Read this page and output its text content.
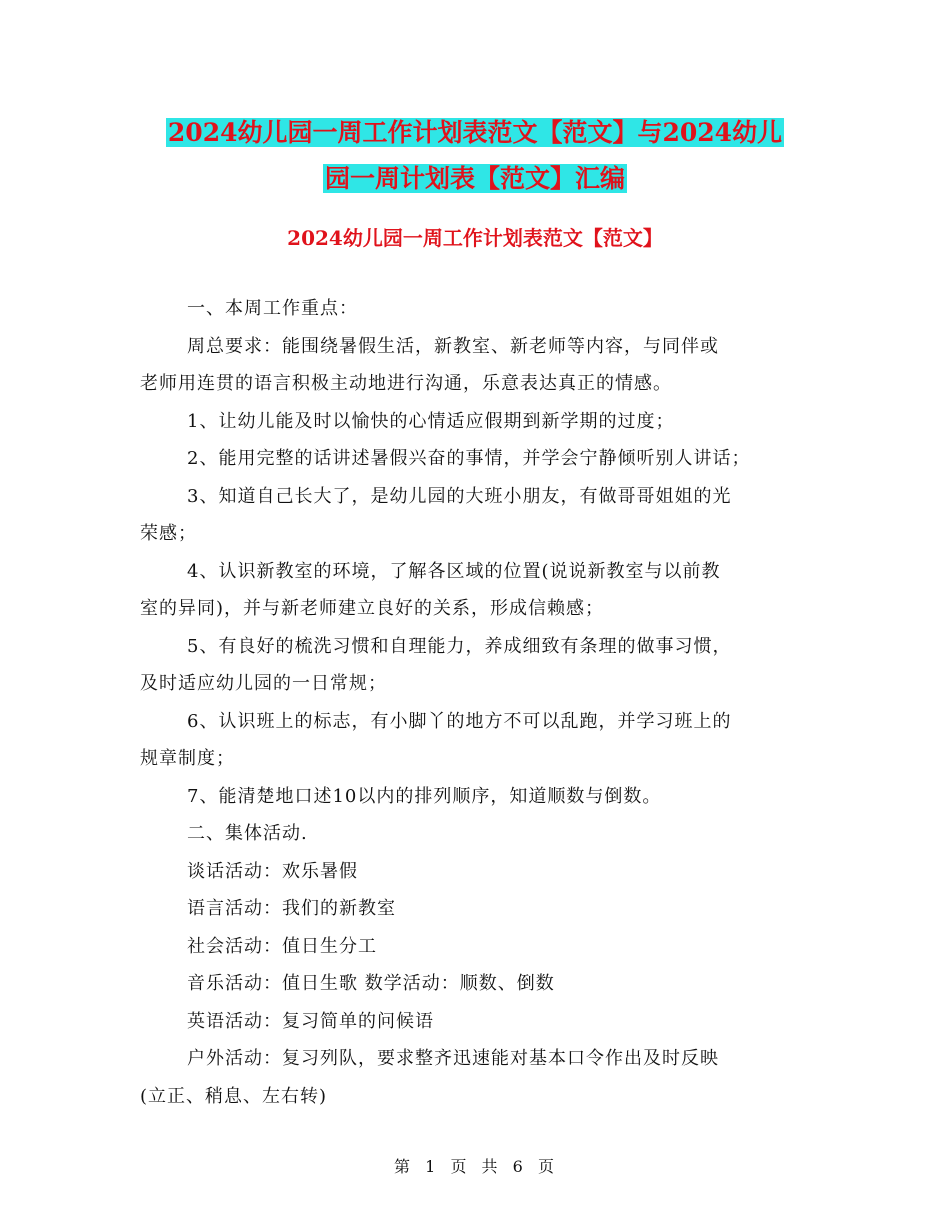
2024幼儿园一周工作计划表范文【范文】与2024幼儿
园一周计划表【范文】汇编
2024幼儿园一周工作计划表范文【范文】
一、本周工作重点：
周总要求：能围绕暑假生活，新教室、新老师等内容，与同伴或
老师用连贯的语言积极主动地进行沟通，乐意表达真正的情感。
1、让幼儿能及时以愉快的心情适应假期到新学期的过度；
2、能用完整的话讲述暑假兴奋的事情，并学会宁静倾听别人讲话；
3、知道自己长大了，是幼儿园的大班小朋友，有做哥哥姐姐的光
荣感；
4、认识新教室的环境，了解各区域的位置(说说新教室与以前教
室的异同)，并与新老师建立良好的关系，形成信赖感；
5、有良好的梳洗习惯和自理能力，养成细致有条理的做事习惯，
及时适应幼儿园的一日常规；
6、认识班上的标志，有小脚丫的地方不可以乱跑，并学习班上的
规章制度；
7、能清楚地口述10以内的排列顺序，知道顺数与倒数。
二、集体活动.
谈话活动：欢乐暑假
语言活动：我们的新教室
社会活动：值日生分工
音乐活动：值日生歌 数学活动：顺数、倒数
英语活动：复习简单的问候语
户外活动：复习列队，要求整齐迅速能对基本口令作出及时反映
(立正、稍息、左右转)
第 1 页 共 6 页
